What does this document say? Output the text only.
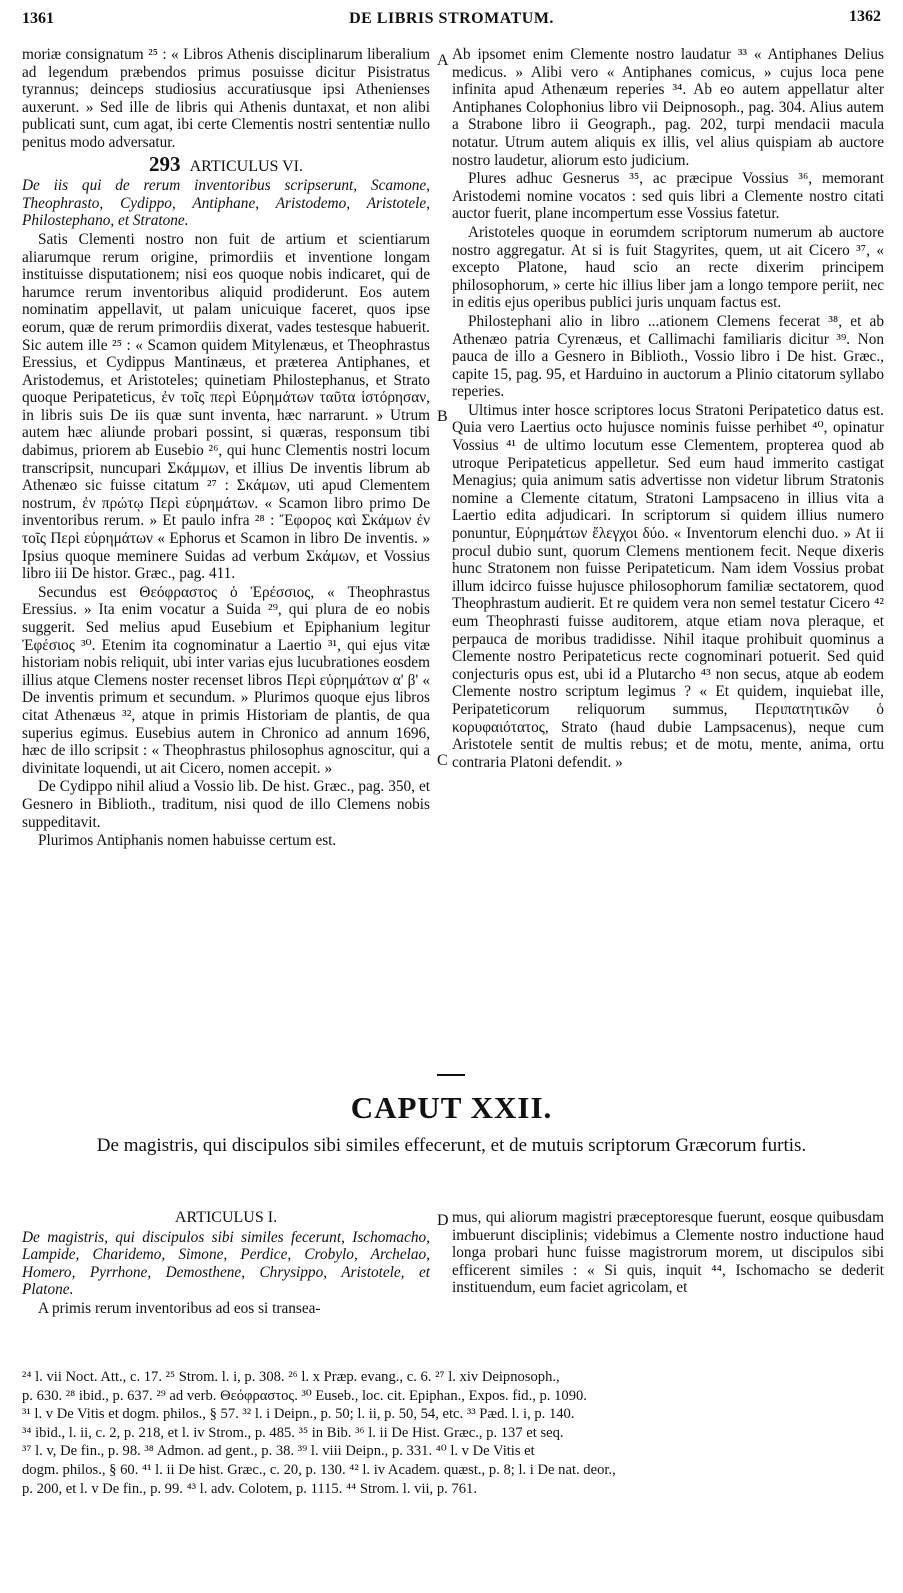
1361	DE LIBRIS STROMATUM.	1362

moriæ consignatum ²⁵ : « Libros Athenis disciplinarum liberalium ad legendum præbendos primus posuisse dicitur Pisistratus tyrannus; deinceps studiosius accuratiusque ipsi Athenienses auxerunt. » Sed ille de libris qui Athenis duntaxat, et non alibi publicati sunt, cum agat, ibi certe Clementis nostri sententiæ nullo penitus modo adversatur.

293 ARTICULUS VI.

De iis qui de rerum inventoribus scripserunt, Scamone, Theophrasto, Cydippo, Antiphane, Aristodemo, Aristotele, Philostephano, et Stratone.

Satis Clementi nostro non fuit de artium et scientiarum aliarumque rerum origine, primordiis et inventione longam instituisse disputationem; nisi eos quoque nobis indicaret, qui de harumce rerum inventoribus aliquid prodiderunt. Eos autem nominatim appellavit, ut palam unicuique faceret, quos ipse eorum, quæ de rerum primordiis dixerat, vades testesque habuerit. Sic autem ille ²⁵ : « Scamon quidem Mitylenæus, et Theophrastus Eressius, et Cydippus Mantinæus, et præterea Antiphanes, et Aristodemus, et Aristoteles; quinetiam Philostephanus, et Strato quoque Peripateticus, ἐν τοῖς περὶ Εὑρημάτων ταῦτα ἱστόρησαν, in libris suis De iis quæ sunt inventa, hæc narrarunt. » Utrum autem hæc aliunde probari possint, si quæras, responsum tibi dabimus, priorem ab Eusebio ²⁶, qui hunc Clementis nostri locum transcripsit, nuncupari Σκάμμων, et illius De inventis librum ab Athenæo sic fuisse citatum ²⁷ : Σκάμων, uti apud Clementem nostrum, ἐν πρώτῳ Περὶ εὑρημάτων. « Scamon libro primo De inventoribus rerum. » Et paulo infra ²⁸ : Ἔφορος καὶ Σκάμων ἐν τοῖς Περὶ εὑρημάτων « Ephorus et Scamon in libro De inventis. » Ipsius quoque meminere Suidas ad verbum Σκάμων, et Vossius libro iii De histor. Græc., pag. 411.

Secundus est Θεόφραστος ὁ Ἐρέσσιος, « Theophrastus Eressius. » Ita enim vocatur a Suida ²⁹, qui plura de eo nobis suggerit. Sed melius apud Eusebium et Epiphanium legitur Ἐφέσιος ³⁰. Etenim ita cognominatur a Laertio ³¹, qui ejus vitæ historiam nobis reliquit, ubi inter varias ejus lucubrationes eosdem illius atque Clemens noster recenset libros Περὶ εὑρημάτων α' β' « De inventis primum et secundum. » Plurimos quoque ejus libros citat Athenæus ³², atque in primis Historiam de plantis, de qua superius egimus. Eusebius autem in Chronico ad annum 1696, hæc de illo scripsit : « Theophrastus philosophus agnoscitur, qui a divinitate loquendi, ut ait Cicero, nomen accepit. »

De Cydippo nihil aliud a Vossio lib. De hist. Græc., pag. 350, et Gesnero in Biblioth., traditum, nisi quod de illo Clemens nobis suppeditavit.

Plurimos Antiphanis nomen habuisse certum est.

A
B
C
D

Ab ipsomet enim Clemente nostro laudatur ³³ « Antiphanes Delius medicus. » Alibi vero « Antiphanes comicus, » cujus loca pene infinita apud Athenæum reperies ³⁴. Ab eo autem appellatur alter Antiphanes Colophonius libro vii Deipnosoph., pag. 304. Alius autem a Strabone libro ii Geograph., pag. 202, turpi mendacii macula notatur. Utrum autem aliquis ex illis, vel alius quispiam ab auctore nostro laudetur, aliorum esto judicium.

Plures adhuc Gesnerus ³⁵, ac præcipue Vossius ³⁶, memorant Aristodemi nomine vocatos : sed quis libri a Clemente nostro citati auctor fuerit, plane incompertum esse Vossius fatetur.

Aristoteles quoque in eorumdem scriptorum numerum ab auctore nostro aggregatur. At si is fuit Stagyrites, quem, ut ait Cicero ³⁷, « excepto Platone, haud scio an recte dixerim principem philosophorum, » certe hic illius liber jam a longo tempore periit, nec in editis ejus operibus publici juris unquam factus est.

Philostephani alio in libro ...ationem Clemens fecerat ³⁸, et ab Athenæo patria Cyrenæus, et Callimachi familiaris dicitur ³⁹. Non pauca de illo a Gesnero in Biblioth., Vossio libro i De hist. Græc., capite 15, pag. 95, et Harduino in auctorum a Plinio citatorum syllabo reperies.

Ultimus inter hosce scriptores locus Stratoni Peripatetico datus est. Quia vero Laertius octo hujusce nominis fuisse perhibet ⁴⁰, opinatur Vossius ⁴¹ de ultimo locutum esse Clementem, propterea quod ab utroque Peripateticus appelletur. Sed eum haud immerito castigat Menagius; quia animum satis advertisse non videtur librum Stratonis nomine a Clemente citatum, Stratoni Lampsaceno in illius vita a Laertio edita adjudicari. In scriptorum si quidem illius numero ponuntur, Εὑρημάτων ἔλεγχοι δύο. « Inventorum elenchi duo. » At ii procul dubio sunt, quorum Clemens mentionem fecit. Neque dixeris hunc Stratonem non fuisse Peripateticum. Nam idem Vossius probat illum idcirco fuisse hujusce philosophorum familiæ sectatorem, quod Theophrastum audierit. Et re quidem vera non semel testatur Cicero ⁴² eum Theophrasti fuisse auditorem, atque etiam nova pleraque, et perpauca de moribus tradidisse. Nihil itaque prohibuit quominus a Clemente nostro Peripateticus recte cognominari potuerit. Sed quid conjecturis opus est, ubi id a Plutarcho ⁴³ non secus, atque ab eodem Clemente nostro scriptum legimus ? « Et quidem, inquiebat ille, Peripateticorum reliquorum summus, Περιπατητικῶν ὁ κορυφαιότατος, Strato (haud dubie Lampsacenus), neque cum Aristotele sentit de multis rebus; et de motu, mente, anima, ortu contraria Platoni defendit. »

CAPUT XXII.
De magistris, qui discipulos sibi similes effecerunt, et de mutuis scriptorum Græcorum furtis.
ARTICULUS I.

De magistris, qui discipulos sibi similes fecerunt, Ischomacho, Lampide, Charidemo, Simone, Perdice, Crobylo, Archelao, Homero, Pyrrhone, Demosthene, Chrysippo, Aristotele, et Platone.

A primis rerum inventoribus ad eos si transea-

mus, qui aliorum magistri præceptoresque fuerunt, eosque quibusdam imbuerunt disciplinis; videbimus a Clemente nostro inductione haud longa probari hunc fuisse magistrorum morem, ut discipulos sibi efficerent similes : « Si quis, inquit ⁴⁴, Ischomacho se dederit instituendum, eum faciet agricolam, et

²⁴ l. vii Noct. Att., c. 17. ²⁵ Strom. l. i, p. 308. ²⁶ l. x Præp. evang., c. 6. ²⁷ l. xiv Deipnosoph.,
p. 630. ²⁸ ibid., p. 637. ²⁹ ad verb. Θεόφραστος. ³⁰ Euseb., loc. cit. Epiphan., Expos. fid., p. 1090.
³¹ l. v De Vitis et dogm. philos., § 57. ³² l. i Deipn., p. 50; l. ii, p. 50, 54, etc. ³³ Pæd. l. i, p. 140.
³⁴ ibid., l. ii, c. 2, p. 218, et l. iv Strom., p. 485. ³⁵ in Bib. ³⁶ l. ii De Hist. Græc., p. 137 et seq.
³⁷ l. v, De fin., p. 98. ³⁸ Admon. ad gent., p. 38. ³⁹ l. viii Deipn., p. 331. ⁴⁰ l. v De Vitis et
dogm. philos., § 60. ⁴¹ l. ii De hist. Græc., c. 20, p. 130. ⁴² l. iv Academ. quæst., p. 8; l. i De nat. deor.,
p. 200, et l. v De fin., p. 99. ⁴³ l. adv. Colotem, p. 1115. ⁴⁴ Strom. l. vii, p. 761.
